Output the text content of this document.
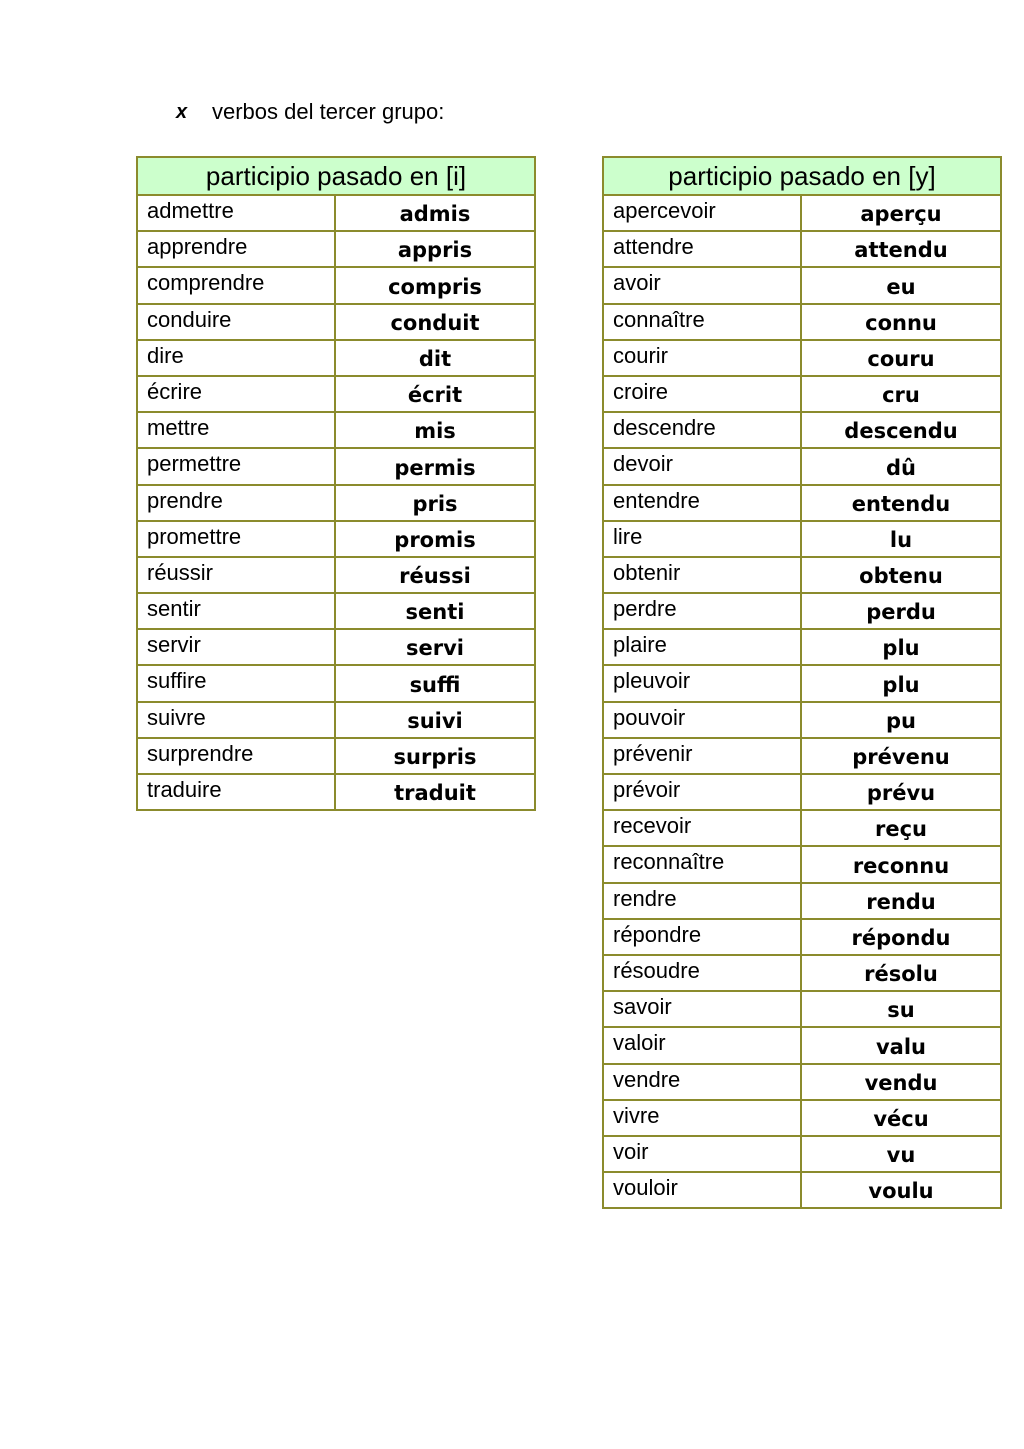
x	verbos del tercer grupo:
participio pasado en [i]	
admettre	admis
apprendre	appris
comprendre	compris
conduire	conduit
dire	dit
écrire	écrit
mettre	mis
permettre	permis
prendre	pris
promettre	promis
réussir	réussi
sentir	senti
servir	servi
suffire	suffi
suivre	suivi
surprendre	surpris
traduire	traduit
participio pasado en [y]	
apercevoir	aperçu
attendre	attendu
avoir	eu
connaître	connu
courir	couru
croire	cru
descendre	descendu
devoir	dû
entendre	entendu
lire	lu
obtenir	obtenu
perdre	perdu
plaire	plu
pleuvoir	plu
pouvoir	pu
prévenir	prévenu
prévoir	prévu
recevoir	reçu
reconnaître	reconnu
rendre	rendu
répondre	répondu
résoudre	résolu
savoir	su
valoir	valu
vendre	vendu
vivre	vécu
voir	vu
vouloir	voulu
